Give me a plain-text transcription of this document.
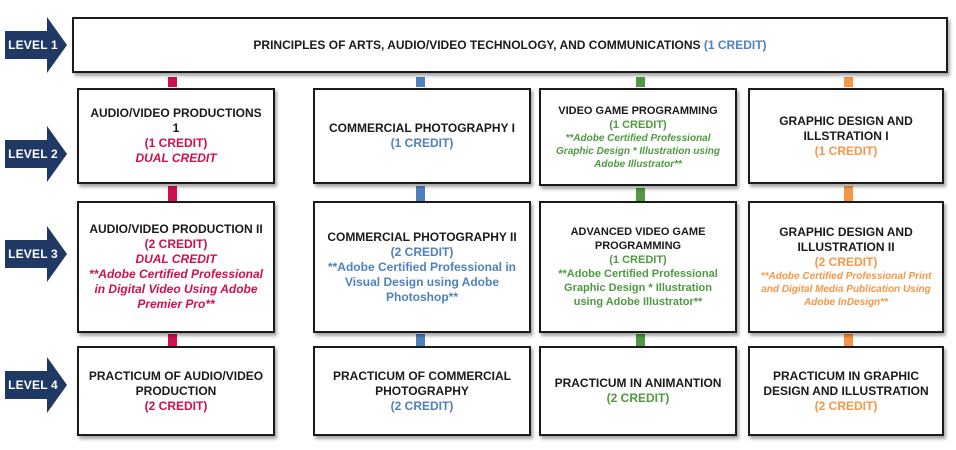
LEVEL 1
LEVEL 2
LEVEL 3
LEVEL 4
PRINCIPLES OF ARTS, AUDIO/VIDEO TECHNOLOGY, AND COMMUNICATIONS (1 CREDIT)
AUDIO/VIDEO PRODUCTIONS 1
(1 CREDIT)
DUAL CREDIT
COMMERCIAL PHOTOGRAPHY I
(1 CREDIT)
VIDEO GAME PROGRAMMING
(1 CREDIT)
**Adobe Certified Professional Graphic Design * Illustration using Adobe Illustrator**
GRAPHIC DESIGN AND ILLSTRATION I
(1 CREDIT)
AUDIO/VIDEO PRODUCTION II
(2 CREDIT)
DUAL CREDIT
**Adobe Certified Professional in Digital Video Using Adobe Premier Pro**
COMMERCIAL PHOTOGRAPHY II
(2 CREDIT)
**Adobe Certified Professional in Visual Design using Adobe Photoshop**
ADVANCED VIDEO GAME PROGRAMMING
(1 CREDIT)
**Adobe Certified Professional Graphic Design * Illustration using Adobe Illustrator**
GRAPHIC DESIGN AND ILLUSTRATION II
(2 CREDIT)
**Adobe Certified Professional Print and Digital Media Publication Using Adobe InDesign**
PRACTICUM OF AUDIO/VIDEO PRODUCTION
(2 CREDIT)
PRACTICUM OF COMMERCIAL PHOTOGRAPHY
(2 CREDIT)
PRACTICUM IN ANIMANTION
(2 CREDIT)
PRACTICUM IN GRAPHIC DESIGN AND ILLUSTRATION
(2 CREDIT)
